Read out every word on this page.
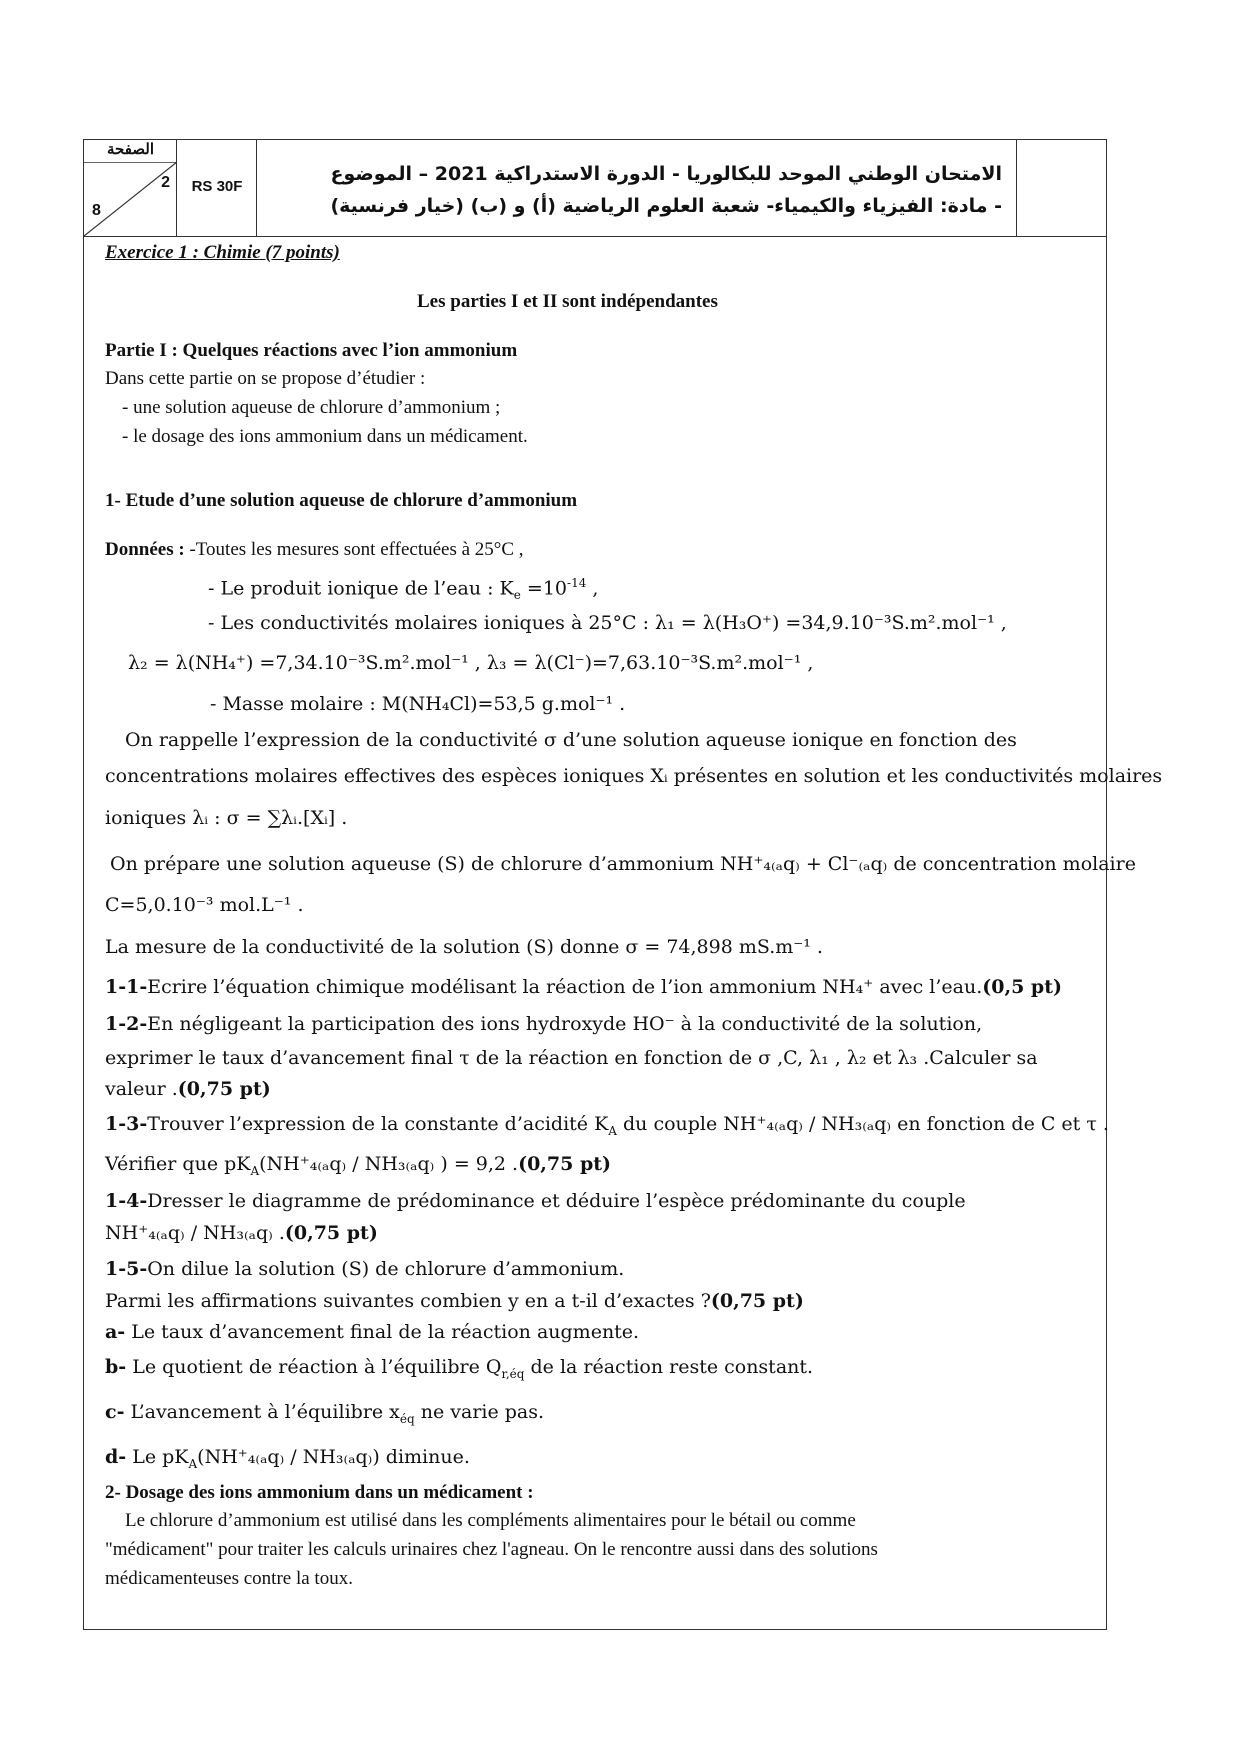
الصفحة
2
8
RS 30F
الامتحان الوطني الموحد للبكالوريا - الدورة الاستدراكية 2021 – الموضوع
- مادة: الفيزياء والكيمياء- شعبة العلوم الرياضية (أ) و (ب) (خيار فرنسية)
Exercice 1 : Chimie (7 points)
Les parties I et II sont indépendantes
Partie I : Quelques réactions avec l’ion ammonium
Dans cette partie on se propose d’étudier :
- une solution aqueuse de chlorure d’ammonium ;
- le dosage des ions ammonium dans un médicament.
1- Etude d’une solution aqueuse de chlorure d’ammonium
Données : -Toutes les mesures sont effectuées à 25°C ,
- Le produit ionique de l’eau : $K_e =10^{-14}$ ,
- Les conductivités molaires ioniques à 25°C : λ₁ = λ(H₃O⁺) =34,9.10⁻³S.m².mol⁻¹ ,
λ₂ = λ(NH₄⁺) =7,34.10⁻³S.m².mol⁻¹ , λ₃ = λ(Cl⁻)=7,63.10⁻³S.m².mol⁻¹ ,
- Masse molaire : M(NH₄Cl)=53,5 g.mol⁻¹ .
On rappelle l’expression de la conductivité σ d’une solution aqueuse ionique en fonction des
concentrations molaires effectives des espèces ioniques Xᵢ présentes en solution et les conductivités molaires
ioniques λᵢ : σ = ∑λᵢ.[Xᵢ] .
On prépare une solution aqueuse (S) de chlorure d’ammonium NH⁺₄₍ₐq₎ + Cl⁻₍ₐq₎ de concentration molaire
C=5,0.10⁻³ mol.L⁻¹ .
La mesure de la conductivité de la solution (S) donne σ = 74,898 mS.m⁻¹ .
1-1-Ecrire l’équation chimique modélisant la réaction de l’ion ammonium NH₄⁺ avec l’eau.(0,5 pt)
1-2-En négligeant la participation des ions hydroxyde HO⁻ à la conductivité de la solution,
exprimer le taux d’avancement final τ de la réaction en fonction de σ ,C, λ₁ , λ₂ et λ₃ .Calculer sa
valeur .(0,75 pt)
1-3-Trouver l’expression de la constante d’acidité $K_A$ du couple NH⁺₄₍ₐq₎ / NH₃₍ₐq₎ en fonction de C et τ .
Vérifier que $pK_A(NH^+_{4(a}q_) / NH_{3(a}q_)$ ) = 9,2 .(0,75 pt)
1-4-Dresser le diagramme de prédominance et déduire l’espèce prédominante du couple
NH⁺₄₍ₐq₎ / NH₃₍ₐq₎ .(0,75 pt)
1-5-On dilue la solution (S) de chlorure d’ammonium.
Parmi les affirmations suivantes combien y en a t-il d’exactes ?(0,75 pt)
a- Le taux d’avancement final de la réaction augmente.
b- Le quotient de réaction à l’équilibre $Q_{r,éq}$ de la réaction reste constant.
c- L’avancement à l’équilibre $x_{éq}$ ne varie pas.
d- Le $pK_A(NH^+_{4(a}q_) / NH_{3(a}q_))$ diminue.
2- Dosage des ions ammonium dans un médicament :
Le chlorure d’ammonium est utilisé dans les compléments alimentaires pour le bétail ou comme
"médicament" pour traiter les calculs urinaires chez l'agneau. On le rencontre aussi dans des solutions
médicamenteuses contre la toux.
